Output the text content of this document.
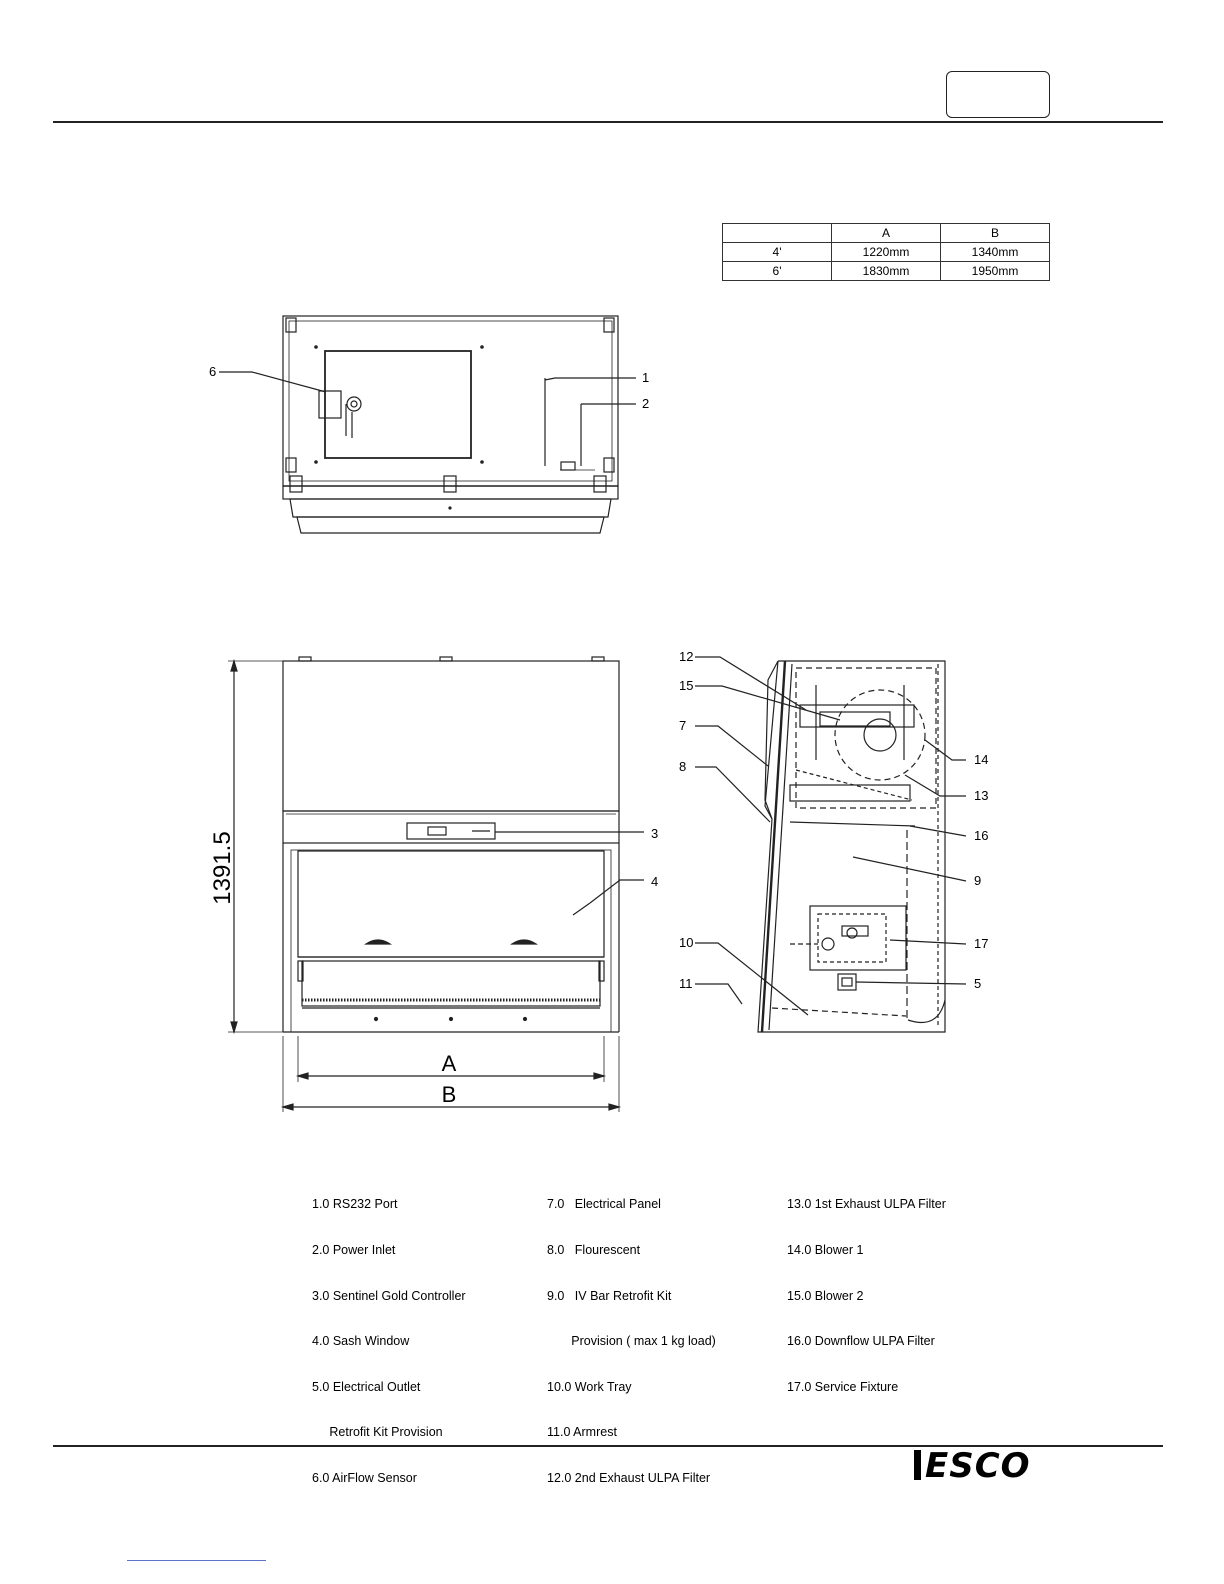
	A	B
4'	1220mm	1340mm
6'	1830mm	1950mm
6	1
2
1391.5
A
B
3
4
12
15
7
8
10
11
14
13
16
9
17
5

1.0 RS232 Port

2.0 Power Inlet

3.0 Sentinel Gold Controller

4.0 Sash Window

5.0 Electrical Outlet

Retrofit Kit Provision

6.0 AirFlow Sensor

7.0   Electrical Panel

8.0   Flourescent

9.0   IV Bar Retrofit Kit

Provision ( max 1 kg load)

10.0 Work Tray

11.0 Armrest

12.0 2nd Exhaust ULPA Filter

13.0 1st Exhaust ULPA Filter

14.0 Blower 1

15.0 Blower 2

16.0 Downflow ULPA Filter

17.0 Service Fixture

ESCO
